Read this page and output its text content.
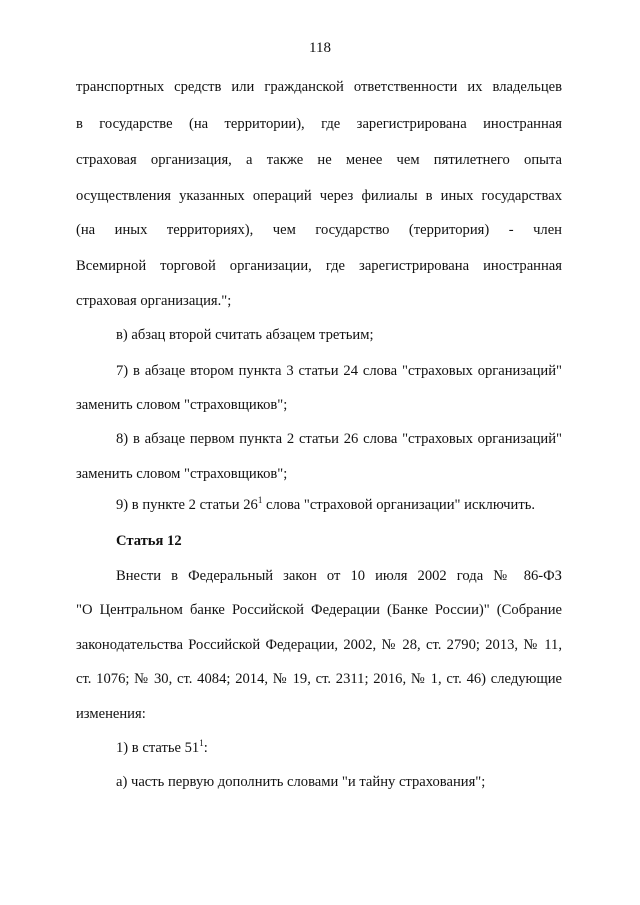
118
транспортных средств или гражданской ответственности их владельцев
в государстве (на территории), где зарегистрирована иностранная
страховая организация, а также не менее чем пятилетнего опыта
осуществления указанных операций через филиалы в иных государствах
(на иных территориях), чем государство (территория) - член
Всемирной торговой организации, где зарегистрирована иностранная
страховая организация.";
в) абзац второй считать абзацем третьим;
7) в абзаце втором пункта 3 статьи 24 слова "страховых организаций"
заменить словом "страховщиков";
8) в абзаце первом пункта 2 статьи 26 слова "страховых организаций"
заменить словом "страховщиков";
9) в пункте 2 статьи $26^1$ слова "страховой организации" исключить.
Статья 12
Внести в Федеральный закон от 10 июля 2002 года № 86-ФЗ
"О Центральном банке Российской Федерации (Банке России)" (Собрание
законодательства Российской Федерации, 2002, № 28, ст. 2790; 2013, № 11,
ст. 1076; № 30, ст. 4084; 2014, № 19, ст. 2311; 2016, № 1, ст. 46) следующие
изменения:
1) в статье $51^1$:
а) часть первую дополнить словами "и тайну страхования";
